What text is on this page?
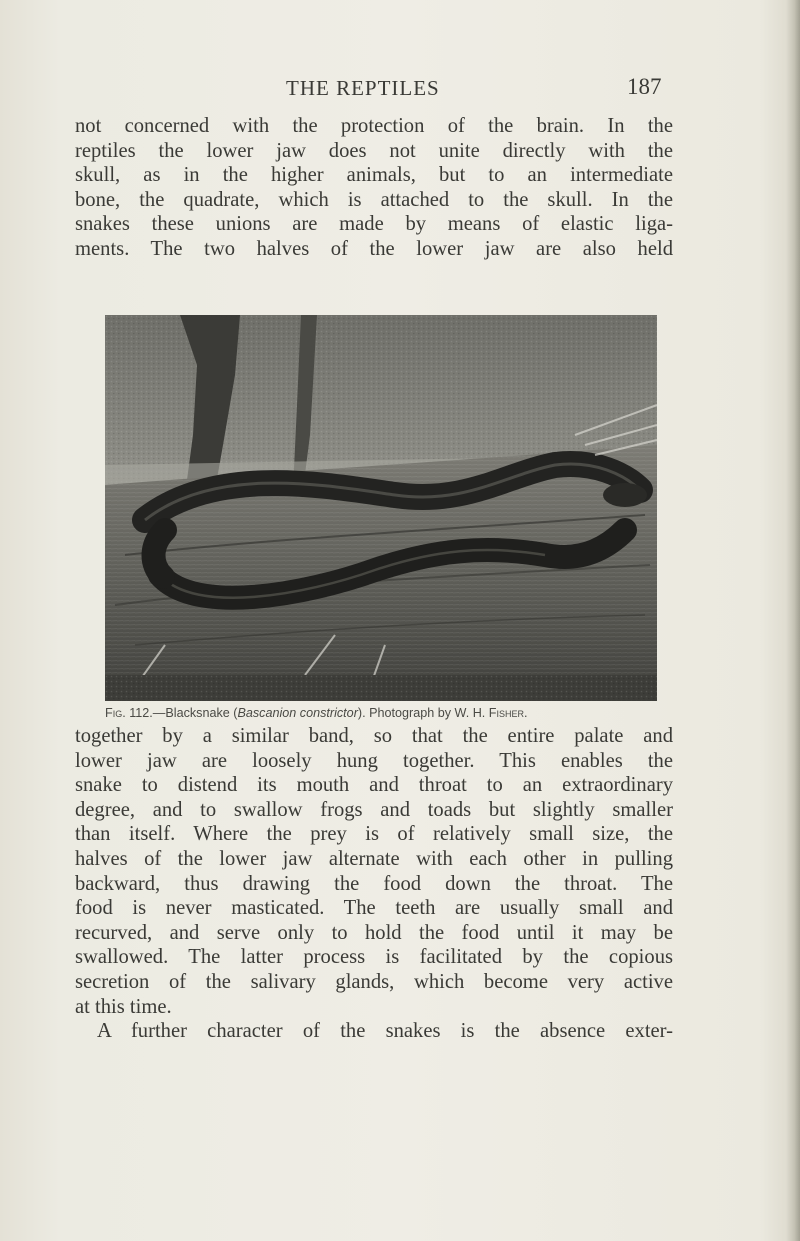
THE REPTILES	187

not concerned with the protection of the brain. In the
reptiles the lower jaw does not unite directly with the
skull, as in the higher animals, but to an intermediate
bone, the quadrate, which is attached to the skull. In the
snakes these unions are made by means of elastic liga-
ments. The two halves of the lower jaw are also held

Fig. 112.—Blacksnake (Bascanion constrictor). Photograph by W. H. Fisher.

together by a similar band, so that the entire palate and
lower jaw are loosely hung together. This enables the
snake to distend its mouth and throat to an extraordinary
degree, and to swallow frogs and toads but slightly smaller
than itself. Where the prey is of relatively small size, the
halves of the lower jaw alternate with each other in pulling
backward, thus drawing the food down the throat. The
food is never masticated. The teeth are usually small and
recurved, and serve only to hold the food until it may be
swallowed. The latter process is facilitated by the copious
secretion of the salivary glands, which become very active
at this time.
A further character of the snakes is the absence exter-
